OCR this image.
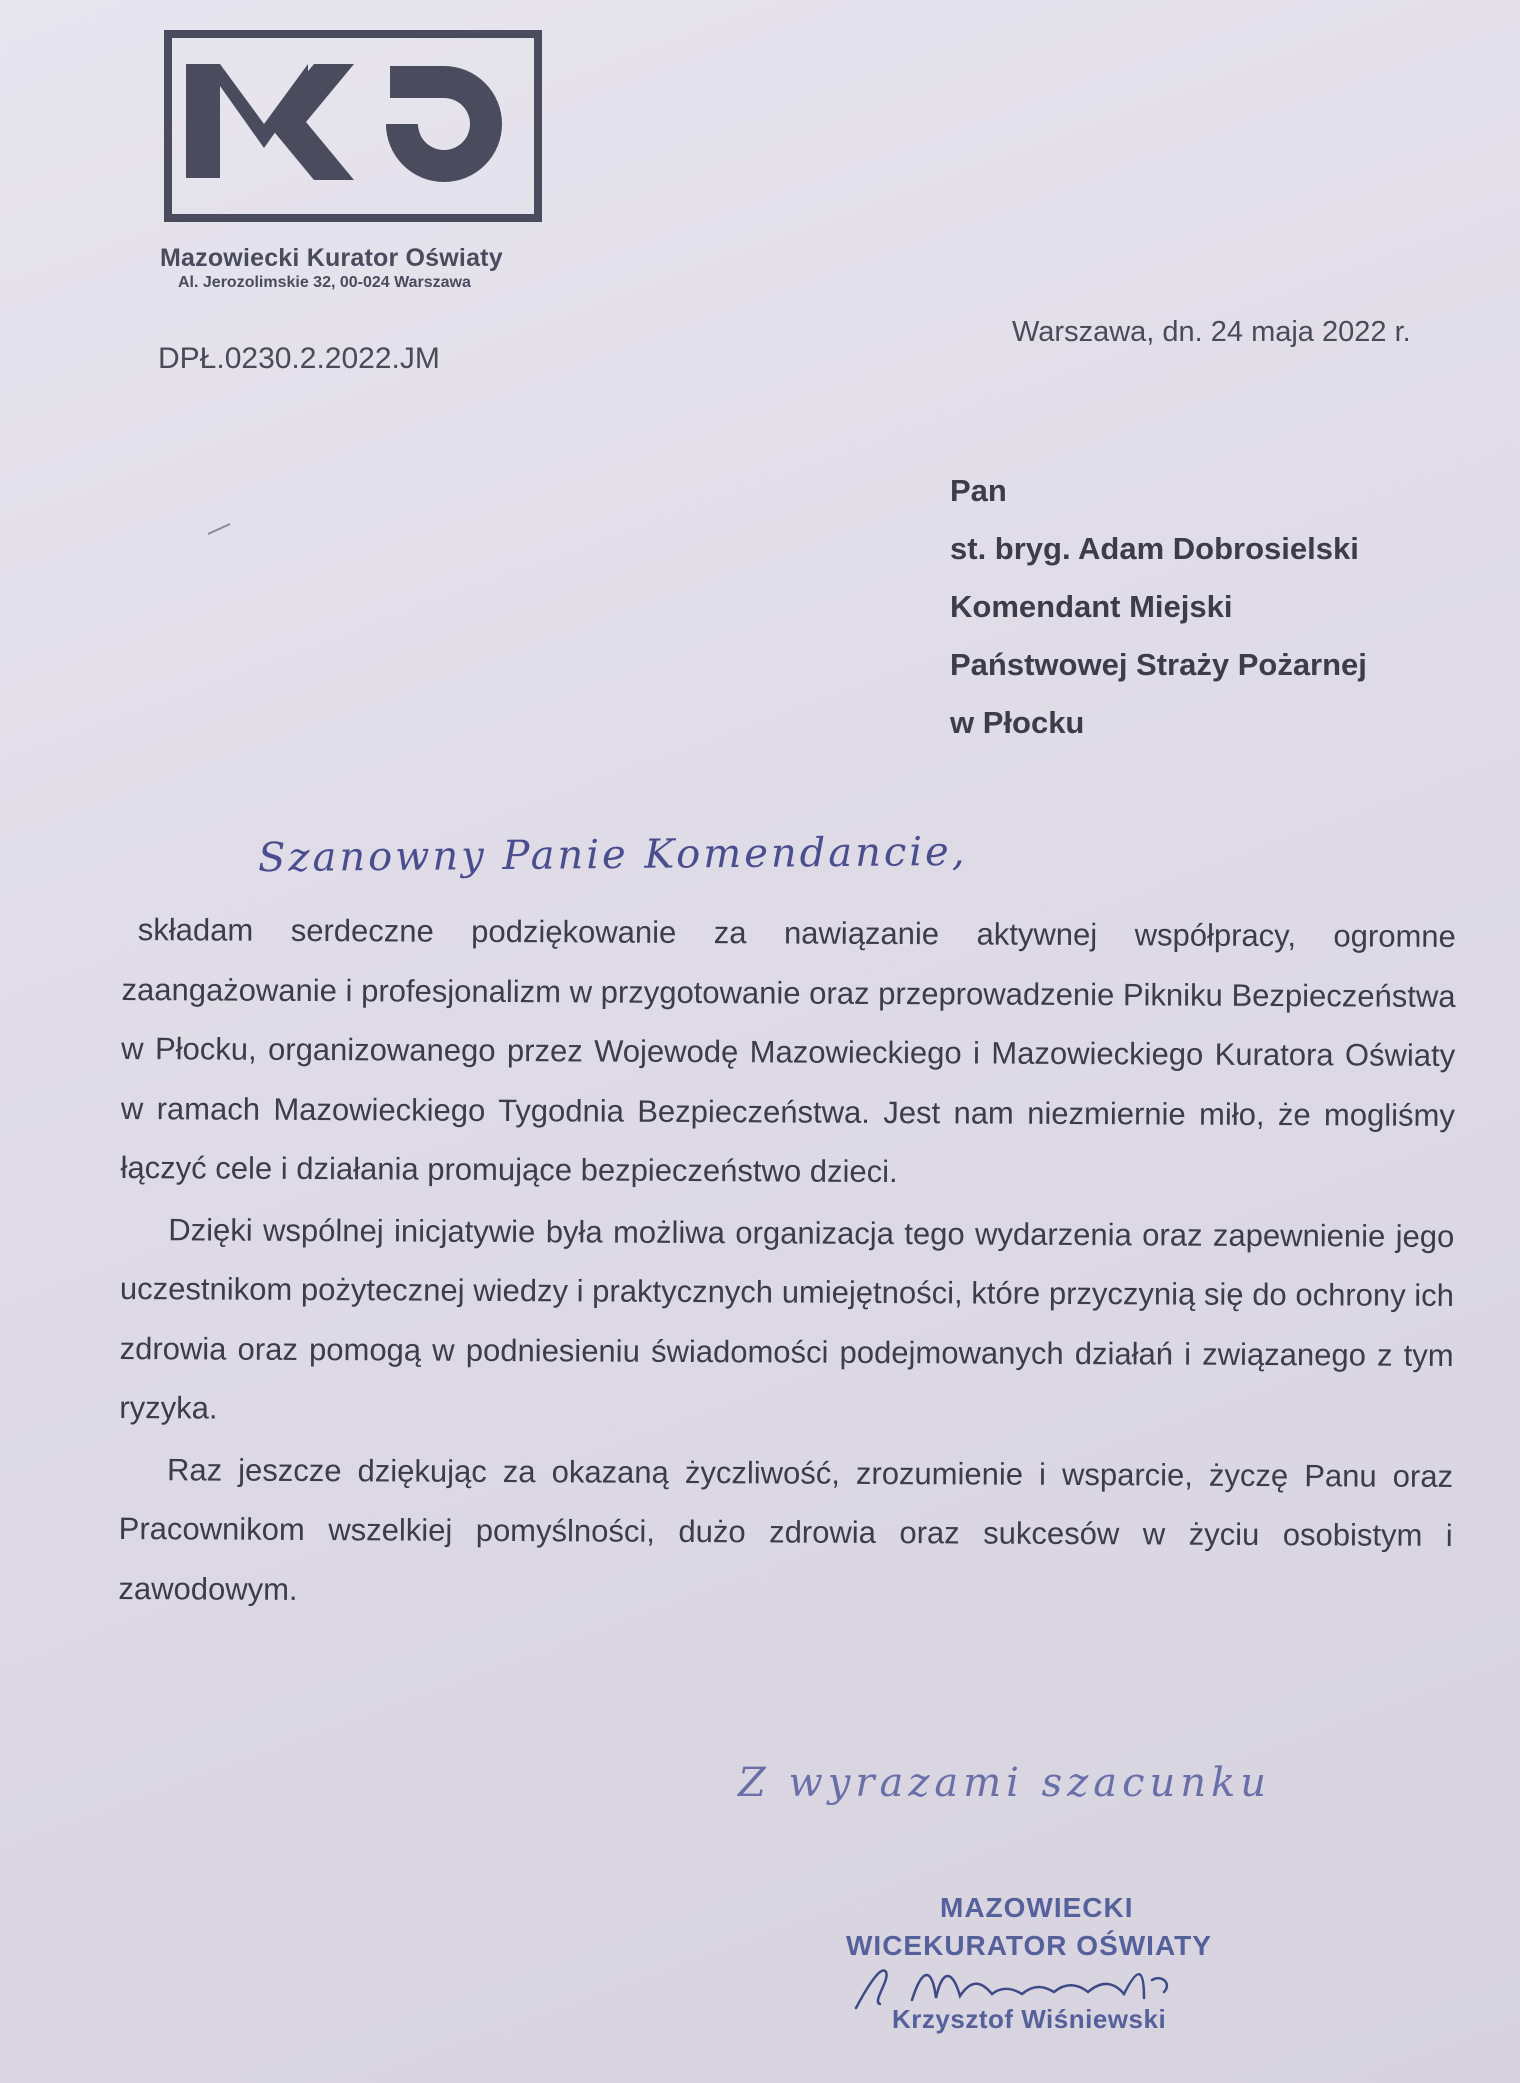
Mazowiecki Kurator Oświaty
Al. Jerozolimskie 32, 00-024 Warszawa
DPŁ.0230.2.2022.JM
Warszawa, dn. 24 maja 2022 r.
Pan
st. bryg. Adam Dobrosielski
Komendant Miejski
Państwowej Straży Pożarnej
w Płocku
Szanowny Panie Komendancie,

składam serdeczne podziękowanie za nawiązanie aktywnej współpracy, ogromne zaangażowanie i profesjonalizm w przygotowanie oraz przeprowadzenie Pikniku Bezpieczeństwa w Płocku, organizowanego przez Wojewodę Mazowieckiego i Mazowieckiego Kuratora Oświaty w ramach Mazowieckiego Tygodnia Bezpieczeństwa. Jest nam niezmiernie miło, że mogliśmy łączyć cele i działania promujące bezpieczeństwo dzieci.

Dzięki wspólnej inicjatywie była możliwa organizacja tego wydarzenia oraz zapewnienie jego uczestnikom pożytecznej wiedzy i praktycznych umiejętności, które przyczynią się do ochrony ich zdrowia oraz pomogą w podniesieniu świadomości podejmowanych działań i związanego z tym ryzyka.

Raz jeszcze dziękując za okazaną życzliwość, zrozumienie i wsparcie, życzę Panu oraz Pracownikom wszelkiej pomyślności, dużo zdrowia oraz sukcesów w życiu osobistym i zawodowym.

Z wyrazami szacunku
MAZOWIECKI
WICEKURATOR OŚWIATY
Krzysztof Wiśniewski
